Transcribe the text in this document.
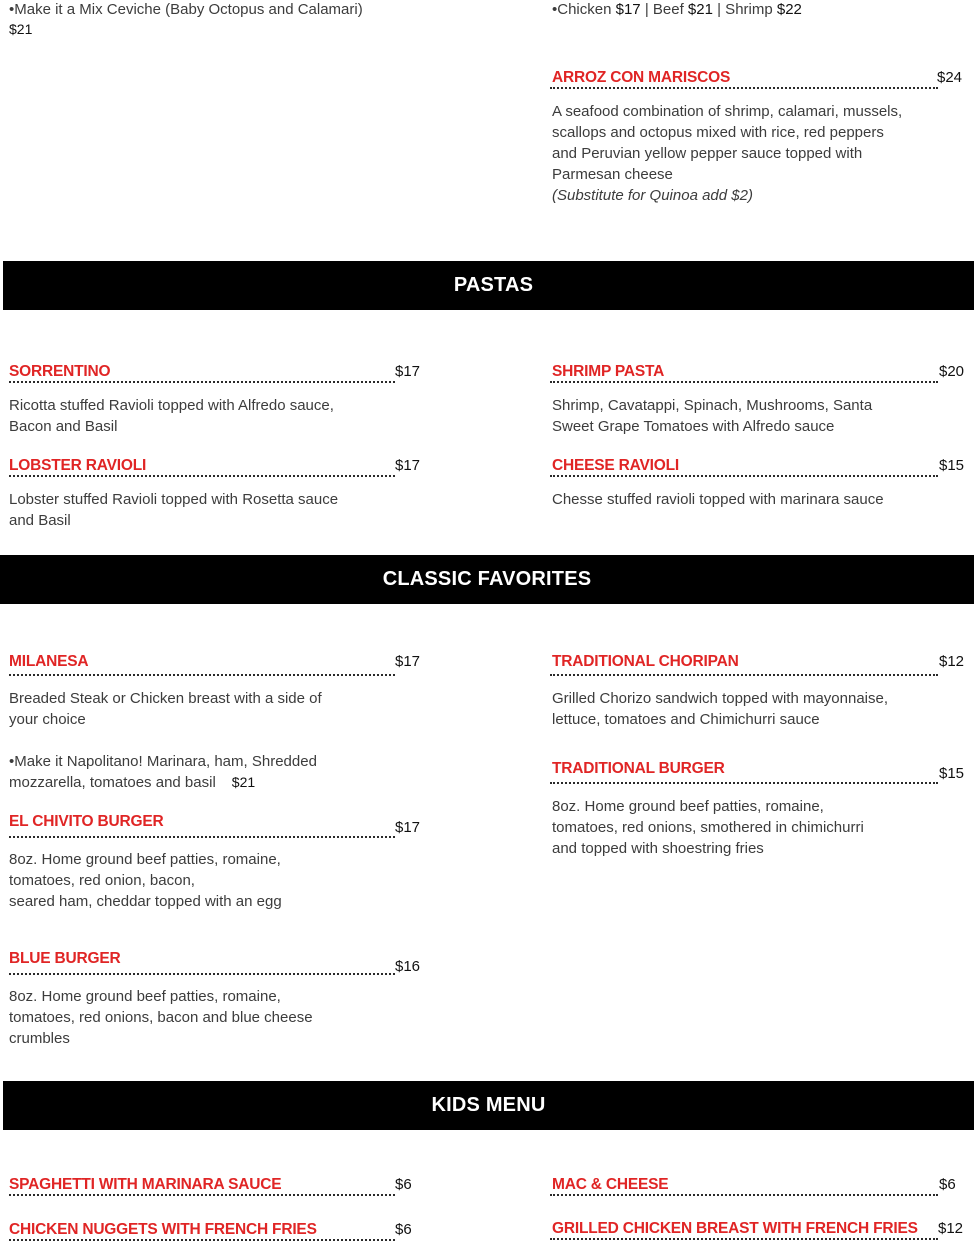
•Make it a Mix Ceviche (Baby Octopus and Calamari)
$21
•Chicken $17 | Beef $21 | Shrimp $22
ARROZ CON MARISCOS	$24
A seafood combination of shrimp, calamari, mussels,
scallops and octopus mixed with rice, red peppers
and Peruvian yellow pepper sauce topped with
Parmesan cheese
(Substitute for Quinoa add $2)
PASTAS
SORRENTINO	$17
Ricotta stuffed Ravioli topped with Alfredo sauce,
Bacon and Basil
SHRIMP PASTA	$20
Shrimp, Cavatappi, Spinach, Mushrooms, Santa
Sweet Grape Tomatoes with Alfredo sauce
LOBSTER RAVIOLI	$17
Lobster stuffed Ravioli topped with Rosetta sauce
and Basil
CHEESE RAVIOLI	$15
Chesse stuffed ravioli topped with marinara sauce
CLASSIC FAVORITES
MILANESA	$17
Breaded Steak or Chicken breast with a side of
your choice
•Make it Napolitano! Marinara, ham, Shredded
mozzarella, tomatoes and basil $21
TRADITIONAL CHORIPAN	$12
Grilled Chorizo sandwich topped with mayonnaise,
lettuce, tomatoes and Chimichurri sauce
TRADITIONAL BURGER	$15
8oz. Home ground beef patties, romaine,
tomatoes, red onions, smothered in chimichurri
and topped with shoestring fries
EL CHIVITO BURGER	$17
8oz. Home ground beef patties, romaine,
tomatoes, red onion, bacon,
seared ham, cheddar topped with an egg
BLUE BURGER	$16
8oz. Home ground beef patties, romaine,
tomatoes, red onions, bacon and blue cheese
crumbles
KIDS MENU
SPAGHETTI WITH MARINARA SAUCE	$6	MAC & CHEESE	$6
CHICKEN NUGGETS WITH FRENCH FRIES	$6	GRILLED CHICKEN BREAST WITH FRENCH FRIES $12
